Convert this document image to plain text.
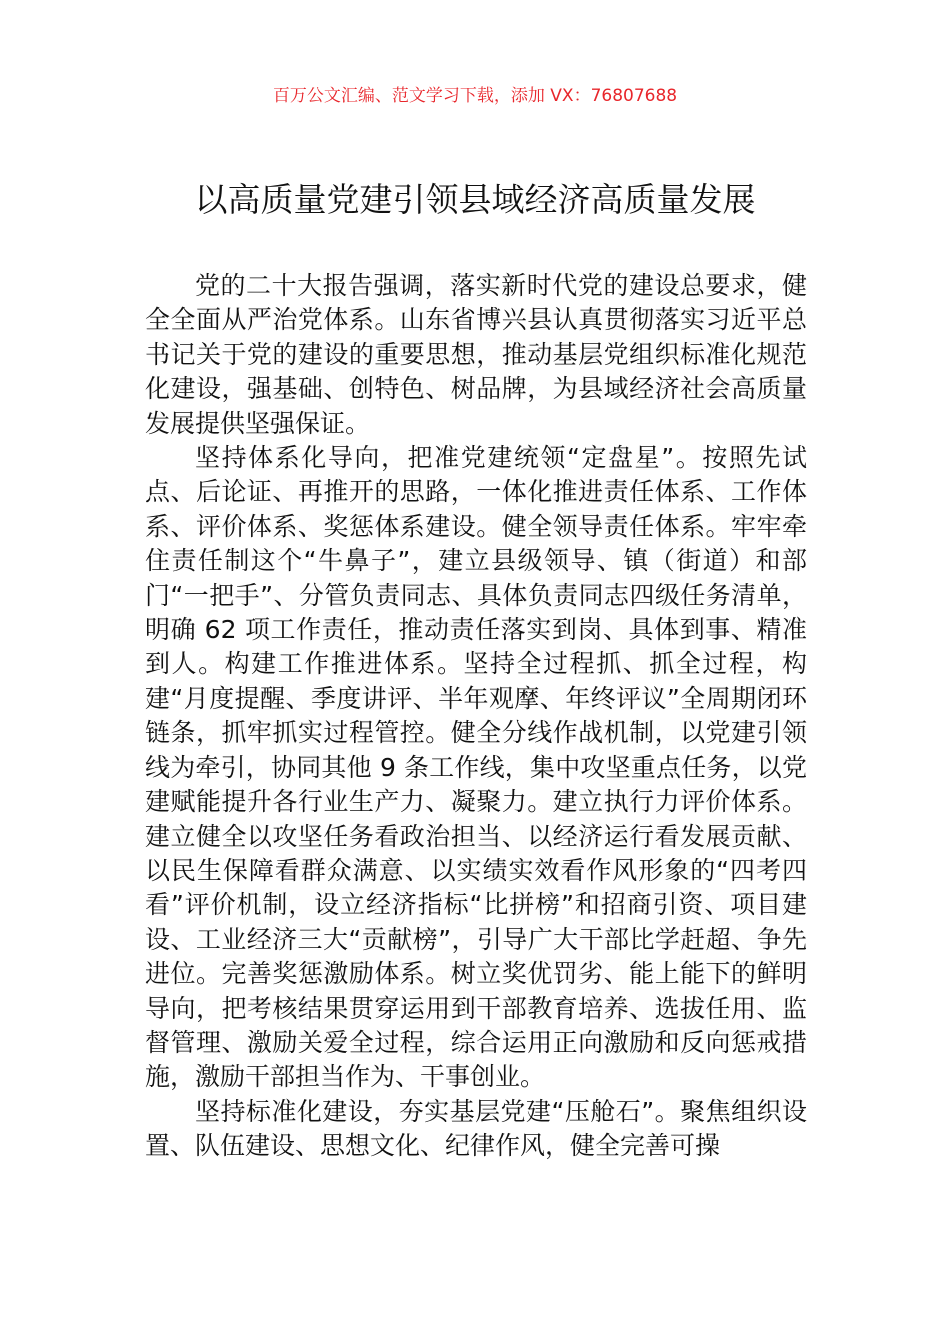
百万公文汇编、范文学习下载，添加 VX：76807688
以高质量党建引领县域经济高质量发展

党的二十大报告强调，落实新时代党的建设总要求，健全全面从严治党体系。山东省博兴县认真贯彻落实习近平总书记关于党的建设的重要思想，推动基层党组织标准化规范化建设，强基础、创特色、树品牌，为县域经济社会高质量发展提供坚强保证。

坚持体系化导向，把准党建统领“定盘星”。按照先试点、后论证、再推开的思路，一体化推进责任体系、工作体系、评价体系、奖惩体系建设。健全领导责任体系。牢牢牵住责任制这个“牛鼻子”，建立县级领导、镇（街道）和部门“一把手”、分管负责同志、具体负责同志四级任务清单，明确 62 项工作责任，推动责任落实到岗、具体到事、精准到人。构建工作推进体系。坚持全过程抓、抓全过程，构建“月度提醒、季度讲评、半年观摩、年终评议”全周期闭环链条，抓牢抓实过程管控。健全分线作战机制，以党建引领线为牵引，协同其他 9 条工作线，集中攻坚重点任务，以党建赋能提升各行业生产力、凝聚力。建立执行力评价体系。建立健全以攻坚任务看政治担当、以经济运行看发展贡献、以民生保障看群众满意、以实绩实效看作风形象的“四考四看”评价机制，设立经济指标“比拼榜”和招商引资、项目建设、工业经济三大“贡献榜”，引导广大干部比学赶超、争先进位。完善奖惩激励体系。树立奖优罚劣、能上能下的鲜明导向，把考核结果贯穿运用到干部教育培养、选拔任用、监督管理、激励关爱全过程，综合运用正向激励和反向惩戒措施，激励干部担当作为、干事创业。

坚持标准化建设，夯实基层党建“压舱石”。聚焦组织设置、队伍建设、思想文化、纪律作风，健全完善可操
